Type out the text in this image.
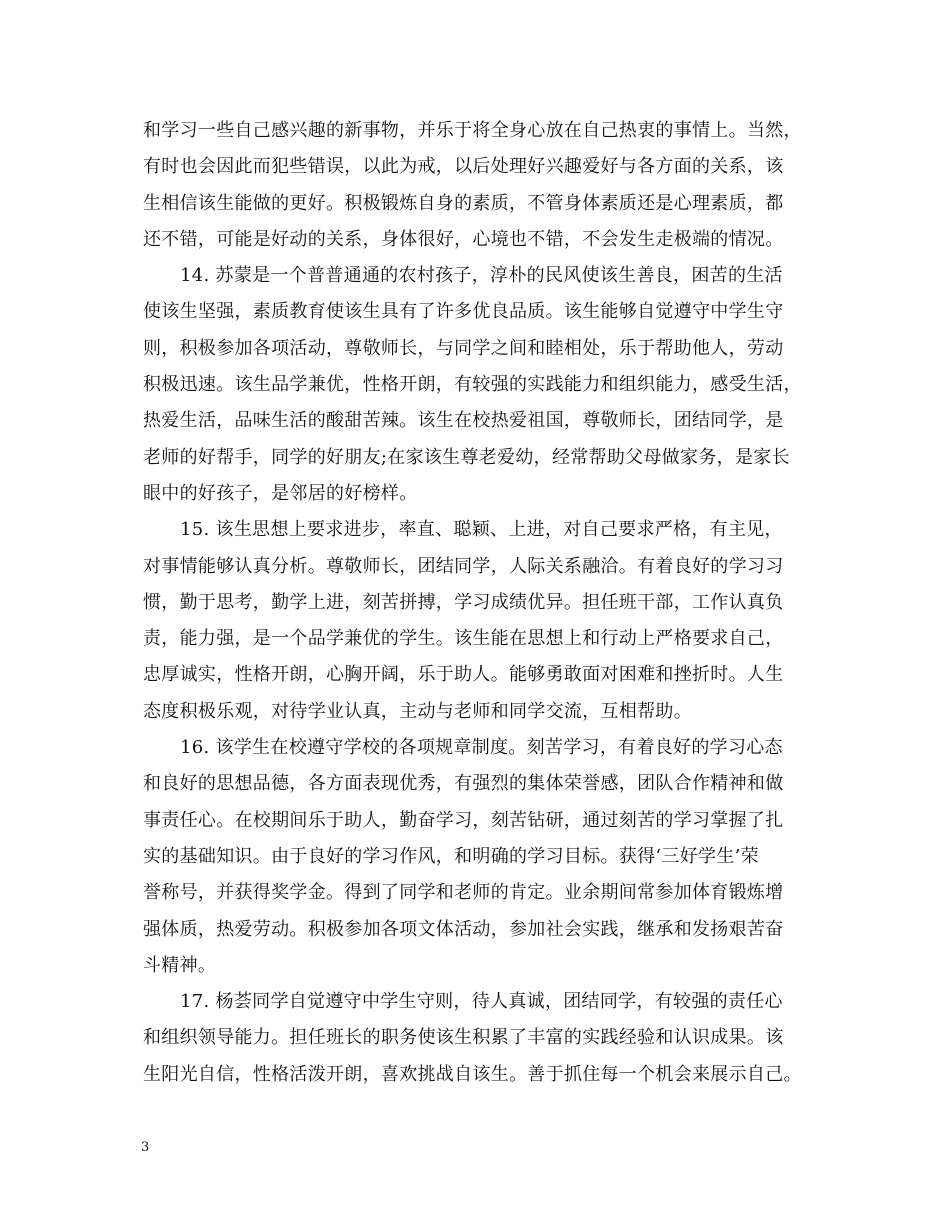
和学习一些自己感兴趣的新事物，并乐于将全身心放在自己热衷的事情上。当然，
有时也会因此而犯些错误，以此为戒，以后处理好兴趣爱好与各方面的关系，该
生相信该生能做的更好。积极锻炼自身的素质，不管身体素质还是心理素质，都
还不错，可能是好动的关系，身体很好，心境也不错，不会发生走极端的情况。
14. 苏蒙是一个普普通通的农村孩子，淳朴的民风使该生善良，困苦的生活
使该生坚强，素质教育使该生具有了许多优良品质。该生能够自觉遵守中学生守
则，积极参加各项活动，尊敬师长，与同学之间和睦相处，乐于帮助他人，劳动
积极迅速。该生品学兼优，性格开朗，有较强的实践能力和组织能力，感受生活，
热爱生活，品味生活的酸甜苦辣。该生在校热爱祖国，尊敬师长，团结同学，是
老师的好帮手，同学的好朋友;在家该生尊老爱幼，经常帮助父母做家务，是家长
眼中的好孩子，是邻居的好榜样。
15. 该生思想上要求进步，率直、聪颖、上进，对自己要求严格，有主见，
对事情能够认真分析。尊敬师长，团结同学，人际关系融洽。有着良好的学习习
惯，勤于思考，勤学上进，刻苦拼搏，学习成绩优异。担任班干部，工作认真负
责，能力强，是一个品学兼优的学生。该生能在思想上和行动上严格要求自己，
忠厚诚实，性格开朗，心胸开阔，乐于助人。能够勇敢面对困难和挫折时。人生
态度积极乐观，对待学业认真，主动与老师和同学交流，互相帮助。
16. 该学生在校遵守学校的各项规章制度。刻苦学习，有着良好的学习心态
和良好的思想品德，各方面表现优秀，有强烈的集体荣誉感，团队合作精神和做
事责任心。在校期间乐于助人，勤奋学习，刻苦钻研，通过刻苦的学习掌握了扎
实的基础知识。由于良好的学习作风，和明确的学习目标。获得‘三好学生’荣
誉称号，并获得奖学金。得到了同学和老师的肯定。业余期间常参加体育锻炼增
强体质，热爱劳动。积极参加各项文体活动，参加社会实践，继承和发扬艰苦奋
斗精神。
17. 杨荟同学自觉遵守中学生守则，待人真诚，团结同学，有较强的责任心
和组织领导能力。担任班长的职务使该生积累了丰富的实践经验和认识成果。该
生阳光自信，性格活泼开朗，喜欢挑战自该生。善于抓住每一个机会来展示自己。
3
